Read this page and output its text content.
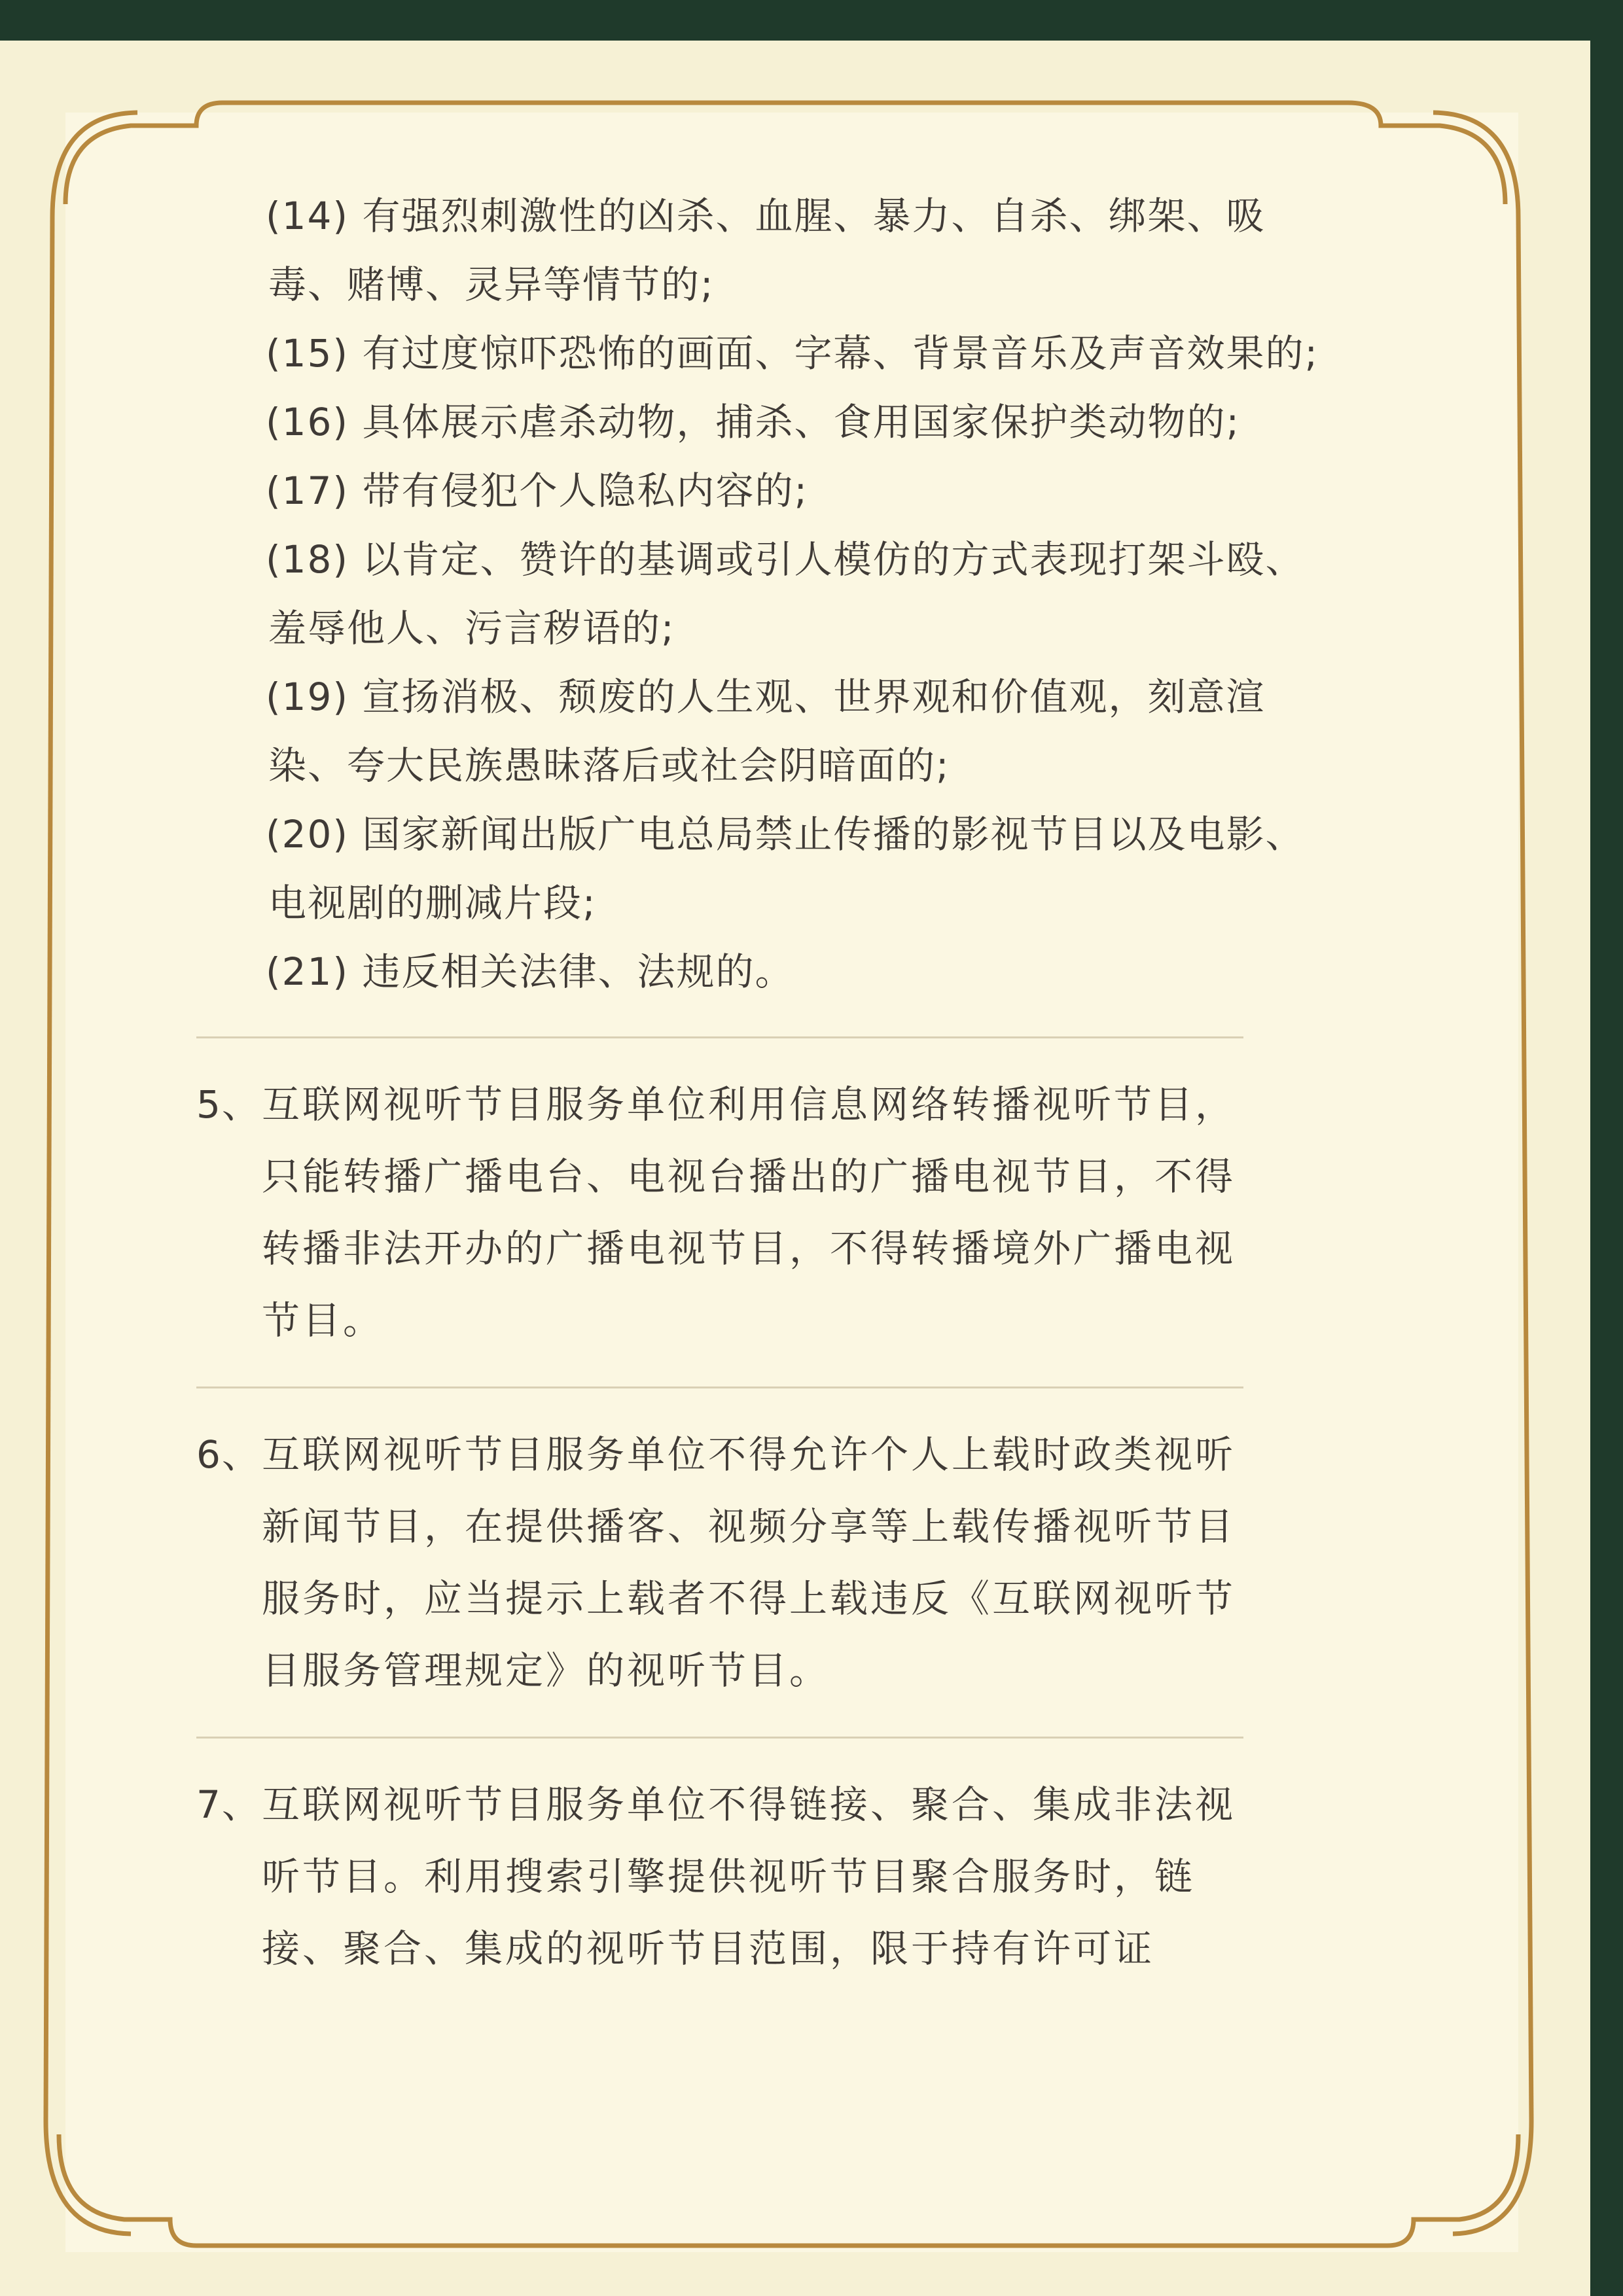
(14) 有强烈刺激性的凶杀、血腥、暴力、自杀、绑架、吸毒、赌博、灵异等情节的;

(15) 有过度惊吓恐怖的画面、字幕、背景音乐及声音效果的;

(16) 具体展示虐杀动物，捕杀、食用国家保护类动物的;

(17) 带有侵犯个人隐私内容的;

(18) 以肯定、赞许的基调或引人模仿的方式表现打架斗殴、羞辱他人、污言秽语的;

(19) 宣扬消极、颓废的人生观、世界观和价值观，刻意渲染、夸大民族愚昧落后或社会阴暗面的;

(20) 国家新闻出版广电总局禁止传播的影视节目以及电影、电视剧的删减片段;

(21) 违反相关法律、法规的。

5、 互联网视听节目服务单位利用信息网络转播视听节目，只能转播广播电台、电视台播出的广播电视节目，不得转播非法开办的广播电视节目，不得转播境外广播电视节目。

6、 互联网视听节目服务单位不得允许个人上载时政类视听新闻节目，在提供播客、视频分享等上载传播视听节目服务时，应当提示上载者不得上载违反《互联网视听节目服务管理规定》的视听节目。

7、 互联网视听节目服务单位不得链接、聚合、集成非法视听节目。利用搜索引擎提供视听节目聚合服务时，链接、聚合、集成的视听节目范围，限于持有许可证
